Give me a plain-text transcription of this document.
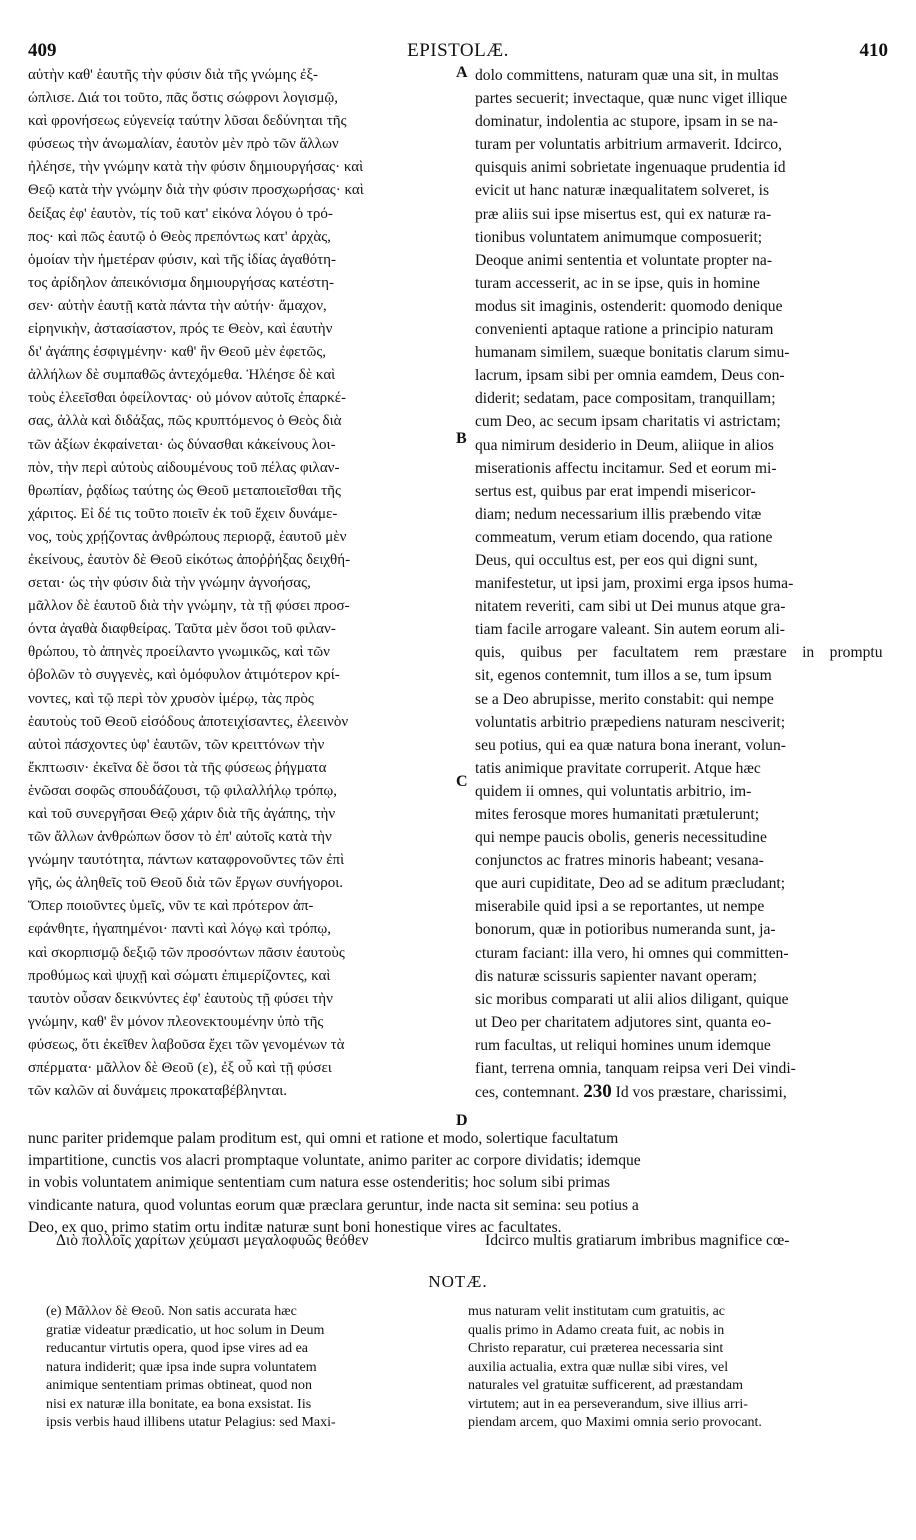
409	EPISTOLÆ.	410
A
B
C
D
αὐτὴν καθ' ἑαυτῆς τὴν φύσιν διὰ τῆς γνώμης ἐξ-
ώπλισε. Διά τοι τοῦτο, πᾶς ὅστις σώφρονι λογισμῷ,
καὶ φρονήσεως εὐγενείᾳ ταύτην λῦσαι δεδύνηται τῆς
φύσεως τὴν ἀνωμαλίαν, ἑαυτὸν μὲν πρὸ τῶν ἄλλων
ἠλέησε, τὴν γνώμην κατὰ τὴν φύσιν δημιουργήσας· καὶ
Θεῷ κατὰ τὴν γνώμην διὰ τὴν φύσιν προσχωρήσας· καὶ
δείξας ἐφ' ἑαυτὸν, τίς τοῦ κατ' εἰκόνα λόγου ὁ τρό-
πος· καὶ πῶς ἑαυτῷ ὁ Θεὸς πρεπόντως κατ' ἀρχὰς,
ὁμοίαν τὴν ἡμετέραν φύσιν, καὶ τῆς ἰδίας ἀγαθότη-
τος ἀρίδηλον ἀπεικόνισμα δημιουργήσας κατέστη-
σεν· αὐτὴν ἑαυτῇ κατὰ πάντα τὴν αὐτήν· ἄμαχον,
εἰρηνικὴν, ἀστασίαστον, πρός τε Θεὸν, καὶ ἑαυτὴν
δι' ἀγάπης ἐσφιγμένην· καθ' ἣν Θεοῦ μὲν ἐφετῶς,
ἀλλήλων δὲ συμπαθῶς ἀντεχόμεθα. Ἠλέησε δὲ καὶ
τοὺς ἐλεεῖσθαι ὀφείλοντας· οὐ μόνον αὐτοῖς ἐπαρκέ-
σας, ἀλλὰ καὶ διδάξας, πῶς κρυπτόμενος ὁ Θεὸς διὰ
τῶν ἀξίων ἐκφαίνεται· ὡς δύνασθαι κἀκείνους λοι-
πὸν, τὴν περὶ αὐτοὺς αἰδουμένους τοῦ πέλας φιλαν-
θρωπίαν, ῥᾳδίως ταύτης ὡς Θεοῦ μεταποιεῖσθαι τῆς
χάριτος. Εἰ δέ τις τοῦτο ποιεῖν ἐκ τοῦ ἔχειν δυνάμε-
νος, τοὺς χρῄζοντας ἀνθρώπους περιορᾷ, ἑαυτοῦ μὲν
ἐκείνους, ἑαυτὸν δὲ Θεοῦ εἰκότως ἀποῤῥήξας δειχθή-
σεται· ὡς τὴν φύσιν διὰ τὴν γνώμην ἀγνοήσας,
μᾶλλον δὲ ἑαυτοῦ διὰ τὴν γνώμην, τὰ τῇ φύσει προσ-
όντα ἀγαθὰ διαφθείρας. Ταῦτα μὲν ὅσοι τοῦ φιλαν-
θρώπου, τὸ ἀπηνὲς προείλαντο γνωμικῶς, καὶ τῶν
ὀβολῶν τὸ συγγενὲς, καὶ ὁμόφυλον ἀτιμότερον κρί-
νοντες, καὶ τῷ περὶ τὸν χρυσὸν ἱμέρῳ, τὰς πρὸς
ἑαυτοὺς τοῦ Θεοῦ εἰσόδους ἀποτειχίσαντες, ἐλεεινὸν
αὐτοὶ πάσχοντες ὑφ' ἑαυτῶν, τῶν κρειττόνων τὴν
ἔκπτωσιν· ἐκεῖνα δὲ ὅσοι τὰ τῆς φύσεως ῥήγματα
ἑνῶσαι σοφῶς σπουδάζουσι, τῷ φιλαλλήλῳ τρόπῳ,
καὶ τοῦ συνεργῆσαι Θεῷ χάριν διὰ τῆς ἀγάπης, τὴν
τῶν ἄλλων ἀνθρώπων ὅσον τὸ ἐπ' αὐτοῖς κατὰ τὴν
γνώμην ταυτότητα, πάντων καταφρονοῦντες τῶν ἐπὶ
γῆς, ὡς ἀληθεῖς τοῦ Θεοῦ διὰ τῶν ἔργων συνήγοροι.
Ὅπερ ποιοῦντες ὑμεῖς, νῦν τε καὶ πρότερον ἀπ-
εφάνθητε, ἠγαπημένοι· παντὶ καὶ λόγῳ καὶ τρόπῳ,
καὶ σκορπισμῷ δεξιῷ τῶν προσόντων πᾶσιν ἑαυτοὺς
προθύμως καὶ ψυχῇ καὶ σώματι ἐπιμερίζοντες, καὶ
ταυτὸν οὖσαν δεικνύντες ἐφ' ἑαυτοὺς τῇ φύσει τὴν
γνώμην, καθ' ἓν μόνον πλεονεκτουμένην ὑπὸ τῆς
φύσεως, ὅτι ἐκεῖθεν λαβοῦσα ἔχει τῶν γενομένων τὰ
σπέρματα· μᾶλλον δὲ Θεοῦ (ε), ἐξ οὗ καὶ τῇ φύσει
τῶν καλῶν αἱ δυνάμεις προκαταβέβληνται.
dolo committens, naturam quæ una sit, in multas
partes secuerit; invectaque, quæ nunc viget illique
dominatur, indolentia ac stupore, ipsam in se na-
turam per voluntatis arbitrium armaverit. Idcirco,
quisquis animi sobrietate ingenuaque prudentia id
evicit ut hanc naturæ inæqualitatem solveret, is
præ aliis sui ipse misertus est, qui ex naturæ ra-
tionibus voluntatem animumque composuerit;
Deoque animi sententia et voluntate propter na-
turam accesserit, ac in se ipse, quis in homine
modus sit imaginis, ostenderit: quomodo denique
convenienti aptaque ratione a principio naturam
humanam similem, suæque bonitatis clarum simu-
lacrum, ipsam sibi per omnia eamdem, Deus con-
diderit; sedatam, pace compositam, tranquillam;
cum Deo, ac secum ipsam charitatis vi astrictam;
qua nimirum desiderio in Deum, aliique in alios
miserationis affectu incitamur. Sed et eorum mi-
sertus est, quibus par erat impendi misericor-
diam; nedum necessarium illis præbendo vitæ
commeatum, verum etiam docendo, qua ratione
Deus, qui occultus est, per eos qui digni sunt,
manifestetur, ut ipsi jam, proximi erga ipsos huma-
nitatem reveriti, cam sibi ut Dei munus atque gra-
tiam facile arrogare valeant. Sin autem eorum ali-
quis, quibus per facultatem rem præstare in promptu
sit, egenos contemnit, tum illos a se, tum ipsum
se a Deo abrupisse, merito constabit: qui nempe
voluntatis arbitrio præpediens naturam nesciverit;
seu potius, qui ea quæ natura bona inerant, volun-
tatis animique pravitate corruperit. Atque hæc
quidem ii omnes, qui voluntatis arbitrio, im-
mites ferosque mores humanitati prætulerunt;
qui nempe paucis obolis, generis necessitudine
conjunctos ac fratres minoris habeant; vesana-
que auri cupiditate, Deo ad se aditum præcludant;
miserabile quid ipsi a se reportantes, ut nempe
bonorum, quæ in potioribus numeranda sunt, ja-
cturam faciant: illa vero, hi omnes qui committen-
dis naturæ scissuris sapienter navant operam;
sic moribus comparati ut alii alios diligant, quique
ut Deo per charitatem adjutores sint, quanta eo-
rum facultas, ut reliqui homines unum idemque
fiant, terrena omnia, tanquam reipsa veri Dei vindi-
ces, contemnant. 230 Id vos præstare, charissimi,
nunc pariter pridemque palam proditum est, qui omni et ratione et modo, solertique facultatum
impartitione, cunctis vos alacri promptaque voluntate, animo pariter ac corpore dividatis; idemque
in vobis voluntatem animique sententiam cum natura esse ostenderitis; hoc solum sibi primas
vindicante natura, quod voluntas eorum quæ præclara geruntur, inde nacta sit semina: seu potius a
Deo, ex quo, primo statim ortu inditæ naturæ sunt boni honestique vires ac facultates.
Διὸ πολλοῖς χαρίτων χεύμασι μεγαλοφυῶς θεόθεν	Idcirco multis gratiarum imbribus magnifice cœ-
NOTÆ.
(e) Μᾶλλον δὲ Θεοῦ. Non satis accurata hæc
gratiæ videatur prædicatio, ut hoc solum in Deum
reducantur virtutis opera, quod ipse vires ad ea
natura indiderit; quæ ipsa inde supra voluntatem
animique sententiam primas obtineat, quod non
nisi ex naturæ illa bonitate, ea bona exsistat. Iis
ipsis verbis haud illibens utatur Pelagius: sed Maxi-
mus naturam velit institutam cum gratuitis, ac
qualis primo in Adamo creata fuit, ac nobis in
Christo reparatur, cui præterea necessaria sint
auxilia actualia, extra quæ nullæ sibi vires, vel
naturales vel gratuitæ sufficerent, ad præstandam
virtutem; aut in ea perseverandum, sive illius arri-
piendam arcem, quo Maximi omnia serio provocant.
